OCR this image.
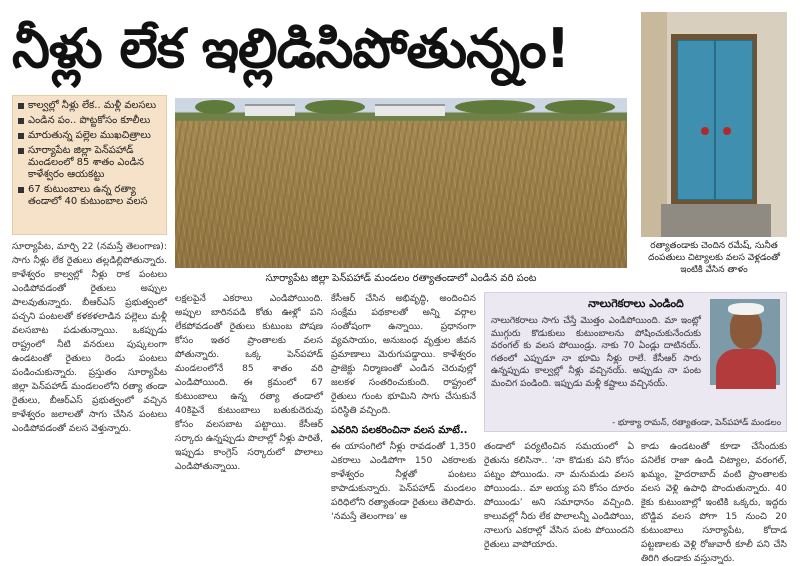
నీళ్లు లేక ఇల్లిడిసిపోతున్నం!
కాల్వల్లో నీళ్లు లేక.. మళ్లీ వలసలు
ఎండిన పం.. పొట్టకోసం కూలీలు
మారుతున్న పల్లెల ముఖచిత్రాలు
సూర్యాపేట జిల్లా పెన్‌పహాడ్ మండలంలో 85 శాతం ఎండిన కాళేశ్వరం ఆయకట్టు
67 కుటుంబాలు ఉన్న రత్యా తండాలో 40 కుటుంబాల వలస
సూర్యాపేట జిల్లా పెన్‌పహాడ్ మండలం రత్యాతండాలో ఎండిన వరి పంట
రత్యాతండాకు చెందిన రమేష్, సునీత దంపతులు చిట్యాలకు వలస వెళ్లడంతో ఇంటికి వేసిన తాళం
సూర్యాపేట, మార్చి 22 (నమస్తే తెలంగాణ): సాగు నీళ్లు లేక రైతులు తల్లడిల్లిపోతున్నారు. కాళేశ్వరం కాల్వల్లో నీళ్లు రాక పంటలు ఎండిపోవడంతో రైతులు అప్పుల పాలవుతున్నారు. బీఆర్‌ఎస్ ప్రభుత్వంలో పచ్చని పంటలతో కళకళలాడిన పల్లెలు మళ్లీ వలసబాట పడుతున్నాయి. ఒకప్పుడు రాష్ట్రంలో నీటి వనరులు పుష్కలంగా ఉండటంతో రైతులు రెండు పంటలు పండించుకున్నారు. ప్రస్తుతం సూర్యాపేట జిల్లా పెన్‌పహాడ్ మండలంలోని రత్యా తండా రైతులు, బీఆర్‌ఎస్ ప్రభుత్వంలో వచ్చిన కాళేశ్వరం జలాలతో సాగు చేసిన పంటలు ఎండిపోవడంతో వలస వెళ్తున్నారు.
లక్షలపైనే ఎకరాలు ఎండిపోయింది. అప్పుల బారినపడి కోతు ఊళ్లో పని లేకపోవడంతో రైతులు కుటుంబ పోషణ కోసం ఇతర ప్రాంతాలకు వలస పోతున్నారు. ఒక్క పెన్‌పహాడ్ మండలంలోనే 85 శాతం వరి ఎండిపోయింది. ఈ క్రమంలో 67 కుటుంబాలు ఉన్న రత్యా తండాలో 40కిపైనే కుటుంబాలు బతుకుదెరువు కోసం వలసబాట పట్టాయి. కేసీఆర్ సర్కారు ఉన్నప్పుడు పొలాల్లో నీళ్లు పారితే, ఇప్పుడు కాంగ్రెస్ సర్కారులో పొలాలు ఎండిపోతున్నాయి.
కేసీఆర్ చేసిన అభివృద్ధి, అందించిన సంక్షేమ పథకాలతో అన్ని వర్గాల సంతోషంగా ఉన్నాయి. ప్రధానంగా వ్యవసాయం, అనుబంధ వృత్తుల జీవన ప్రమాణాలు మెరుగుపడ్డాయి. కాళేశ్వరం ప్రాజెక్టు నిర్మాణంతో ఎండిన చెరువుల్లో జలకళ సంతరించుకుంది. రాష్ట్రంలో రైతులు గుంట భూమిని సాగు చేసుకునే పరిస్థితి వచ్చింది.
ఎవరిని పలకరించినా వలస మాటే..
ఈ యాసంగిలో నీళ్లు రావడంతో 1,350 ఎకరాలు ఎండిపోగా 150 ఎకరాలకు కాళేశ్వరం నీళ్లతో పంటలు కాపాడుకున్నారు. పెన్‌పహాడ్ మండలం పరిధిలోని రత్యాతండా రైతులు తెలిపారు. ‘నమస్తే తెలంగాణ’ ఆ
నాలుగెకరాలు ఎండింది
నాలుగెకరాలు సాగు చేస్తే మొత్తం ఎండిపోయింది. మా ఇంట్లో ముగ్గురు కొడుకులు కుటుంబాలను పోషించుకునేందుకు వరంగల్ కు వలస పోయిండ్రు. నాకు 70 ఏండ్లు దాటినయ్. గతంలో ఎప్పుడూ నా భూమి నీళ్లు రాలే. కేసీఆర్ సారు ఉన్నప్పుడు కాల్వల్లో నీళ్లు వచ్చినయ్. అప్పుడు నా పంట మంచిగ పండింది. ఇప్పుడు మళ్లీ కష్టాలు వచ్చినయ్.
- భూక్యా రామన్, రత్యాతండా, పెన్‌పహాడ్ మండలం
తండాలో పర్యటించిన సమయంలో ఏ రైతును కలిసినా.. ‘నా కొడుకు పని కోసం పట్నం పోయిండు. నా మనుమడు వలస పోయిండు.. మా అయ్య పని కోసం దూరం పోయిండు’ అని సమాధానం వచ్చింది. కాలువల్లో నీరు లేక పొలాలన్నీ ఎండిపోయి, నాలుగు ఎకరాల్లో వేసిన పంట పోయిందని రైతులు వాపోయారు.
కాడు ఉండటంతో కూడా చేసేందుకు పనిలేక రాజా ఉండి చిట్యాల, వరంగల్, ఖమ్మం, హైదరాబాద్ వంటి ప్రాంతాలకు వలస వెళ్లి ఉపాధి పొందుతున్నారు. 40 కైకు కుటుంబాల్లో ఇంటికి ఒక్కరు, ఇద్దరు బొడ్డివ వలస పోగా 15 నుంచి 20 కుటుంబాలు సూర్యాపేట, కోదాడ పట్టణాలకు వెళ్లి రోజువారీ కూలీ పని చేసి తిరిగి తండాకు వస్తున్నారు.
